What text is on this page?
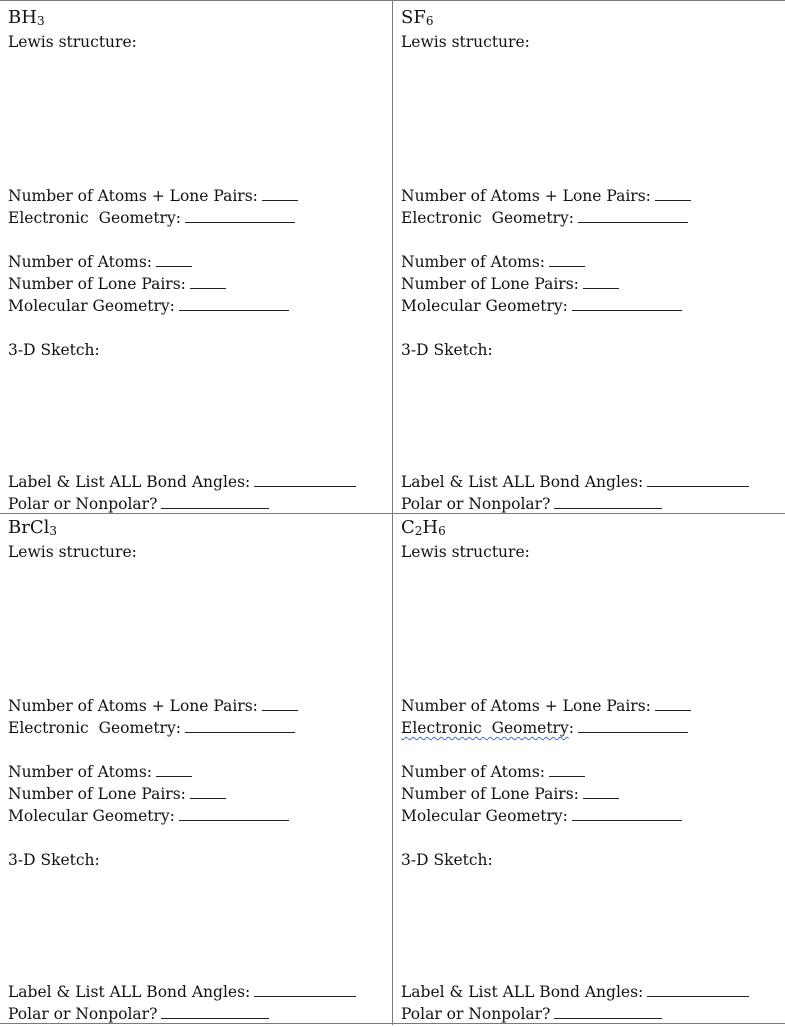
$BH_3$
Lewis structure:
Number of Atoms + Lone Pairs:
Electronic  Geometry:
Number of Atoms:
Number of Lone Pairs:
Molecular Geometry:
3-D Sketch:
Label & List ALL Bond Angles:
Polar or Nonpolar?
$SF_6$
Lewis structure:
Number of Atoms + Lone Pairs:
Electronic  Geometry:
Number of Atoms:
Number of Lone Pairs:
Molecular Geometry:
3-D Sketch:
Label & List ALL Bond Angles:
Polar or Nonpolar?
BrCl$_3$
Lewis structure:
Number of Atoms + Lone Pairs:
Electronic  Geometry:
Number of Atoms:
Number of Lone Pairs:
Molecular Geometry:
3-D Sketch:
Label & List ALL Bond Angles:
Polar or Nonpolar?
$C_2H_6$
Lewis structure:
Number of Atoms + Lone Pairs:
Electronic  Geometry:
Number of Atoms:
Number of Lone Pairs:
Molecular Geometry:
3-D Sketch:
Label & List ALL Bond Angles:
Polar or Nonpolar?
